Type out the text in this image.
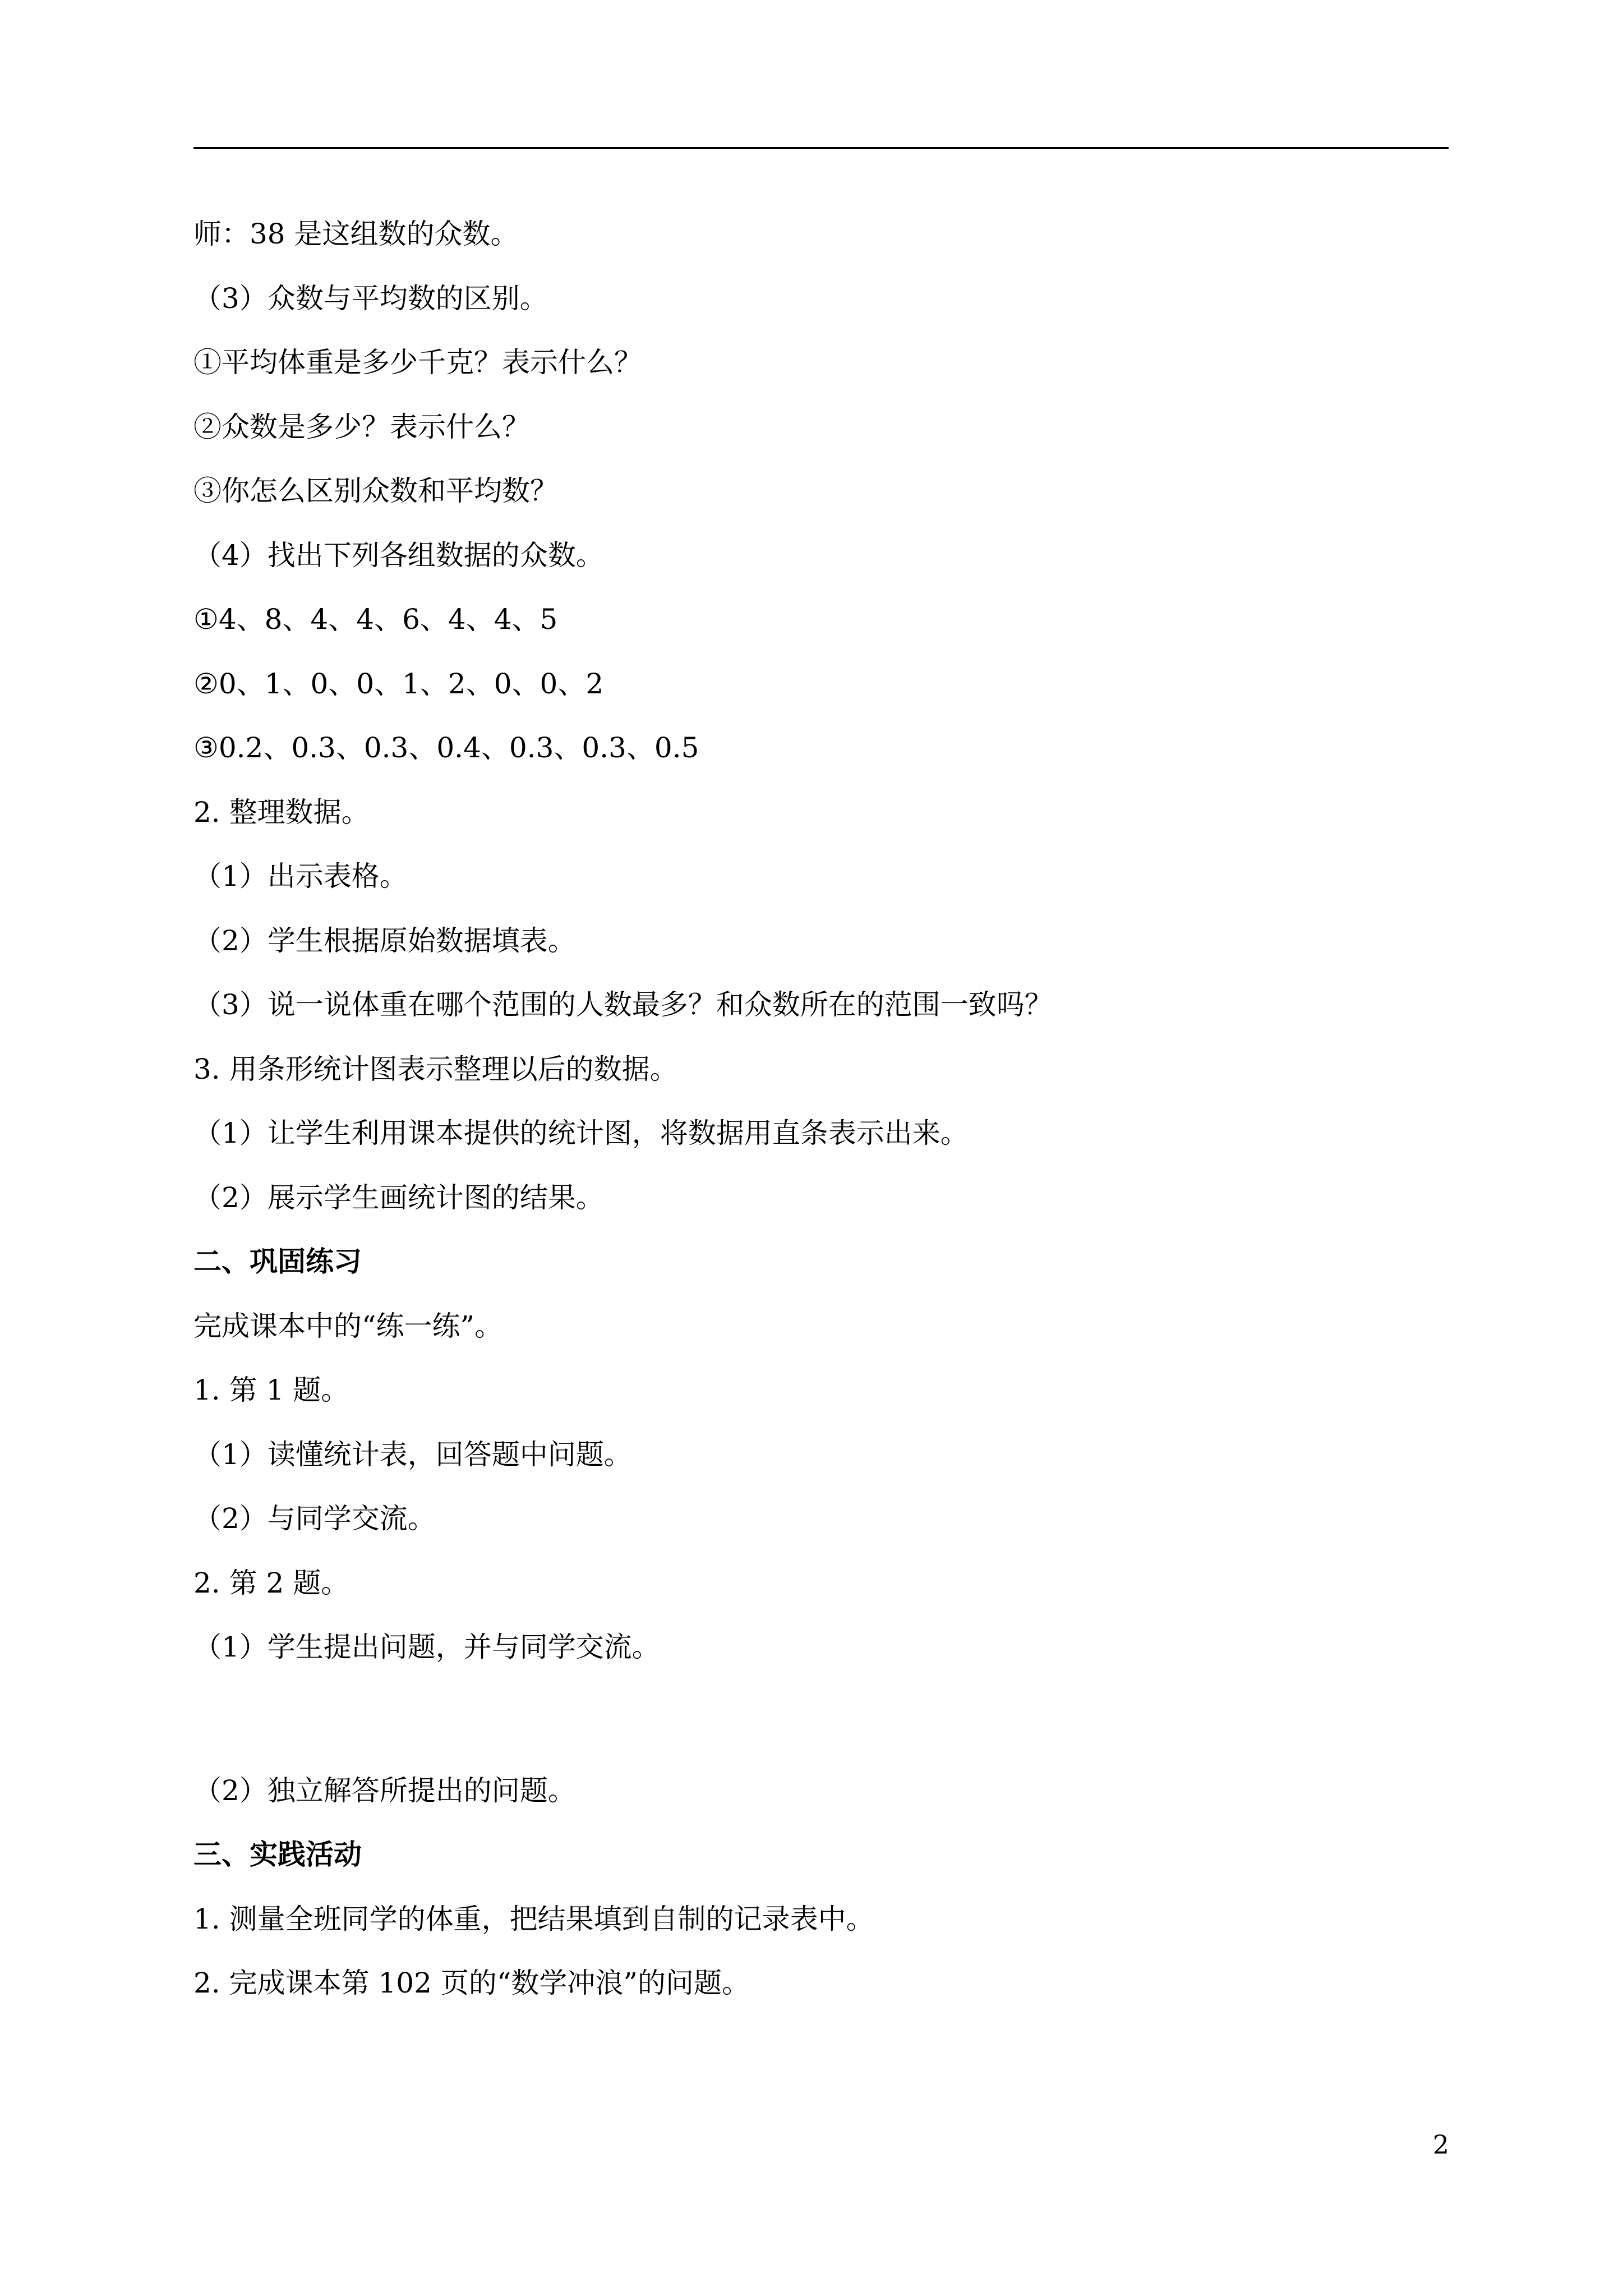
师：38 是这组数的众数。
（3）众数与平均数的区别。
①平均体重是多少千克？表示什么？
②众数是多少？表示什么？
③你怎么区别众数和平均数？
（4）找出下列各组数据的众数。
①4、8、4、4、6、4、4、5
②0、1、0、0、1、2、0、0、2
③0.2、0.3、0.3、0.4、0.3、0.3、0.5
2. 整理数据。
（1）出示表格。
（2）学生根据原始数据填表。
（3）说一说体重在哪个范围的人数最多？和众数所在的范围一致吗？
3. 用条形统计图表示整理以后的数据。
（1）让学生利用课本提供的统计图，将数据用直条表示出来。
（2）展示学生画统计图的结果。
二、巩固练习
完成课本中的“练一练”。
1. 第 1 题。
（1）读懂统计表，回答题中问题。
（2）与同学交流。
2. 第 2 题。
（1）学生提出问题，并与同学交流。
（2）独立解答所提出的问题。
三、实践活动
1. 测量全班同学的体重，把结果填到自制的记录表中。
2. 完成课本第 102 页的“数学冲浪”的问题。
2
